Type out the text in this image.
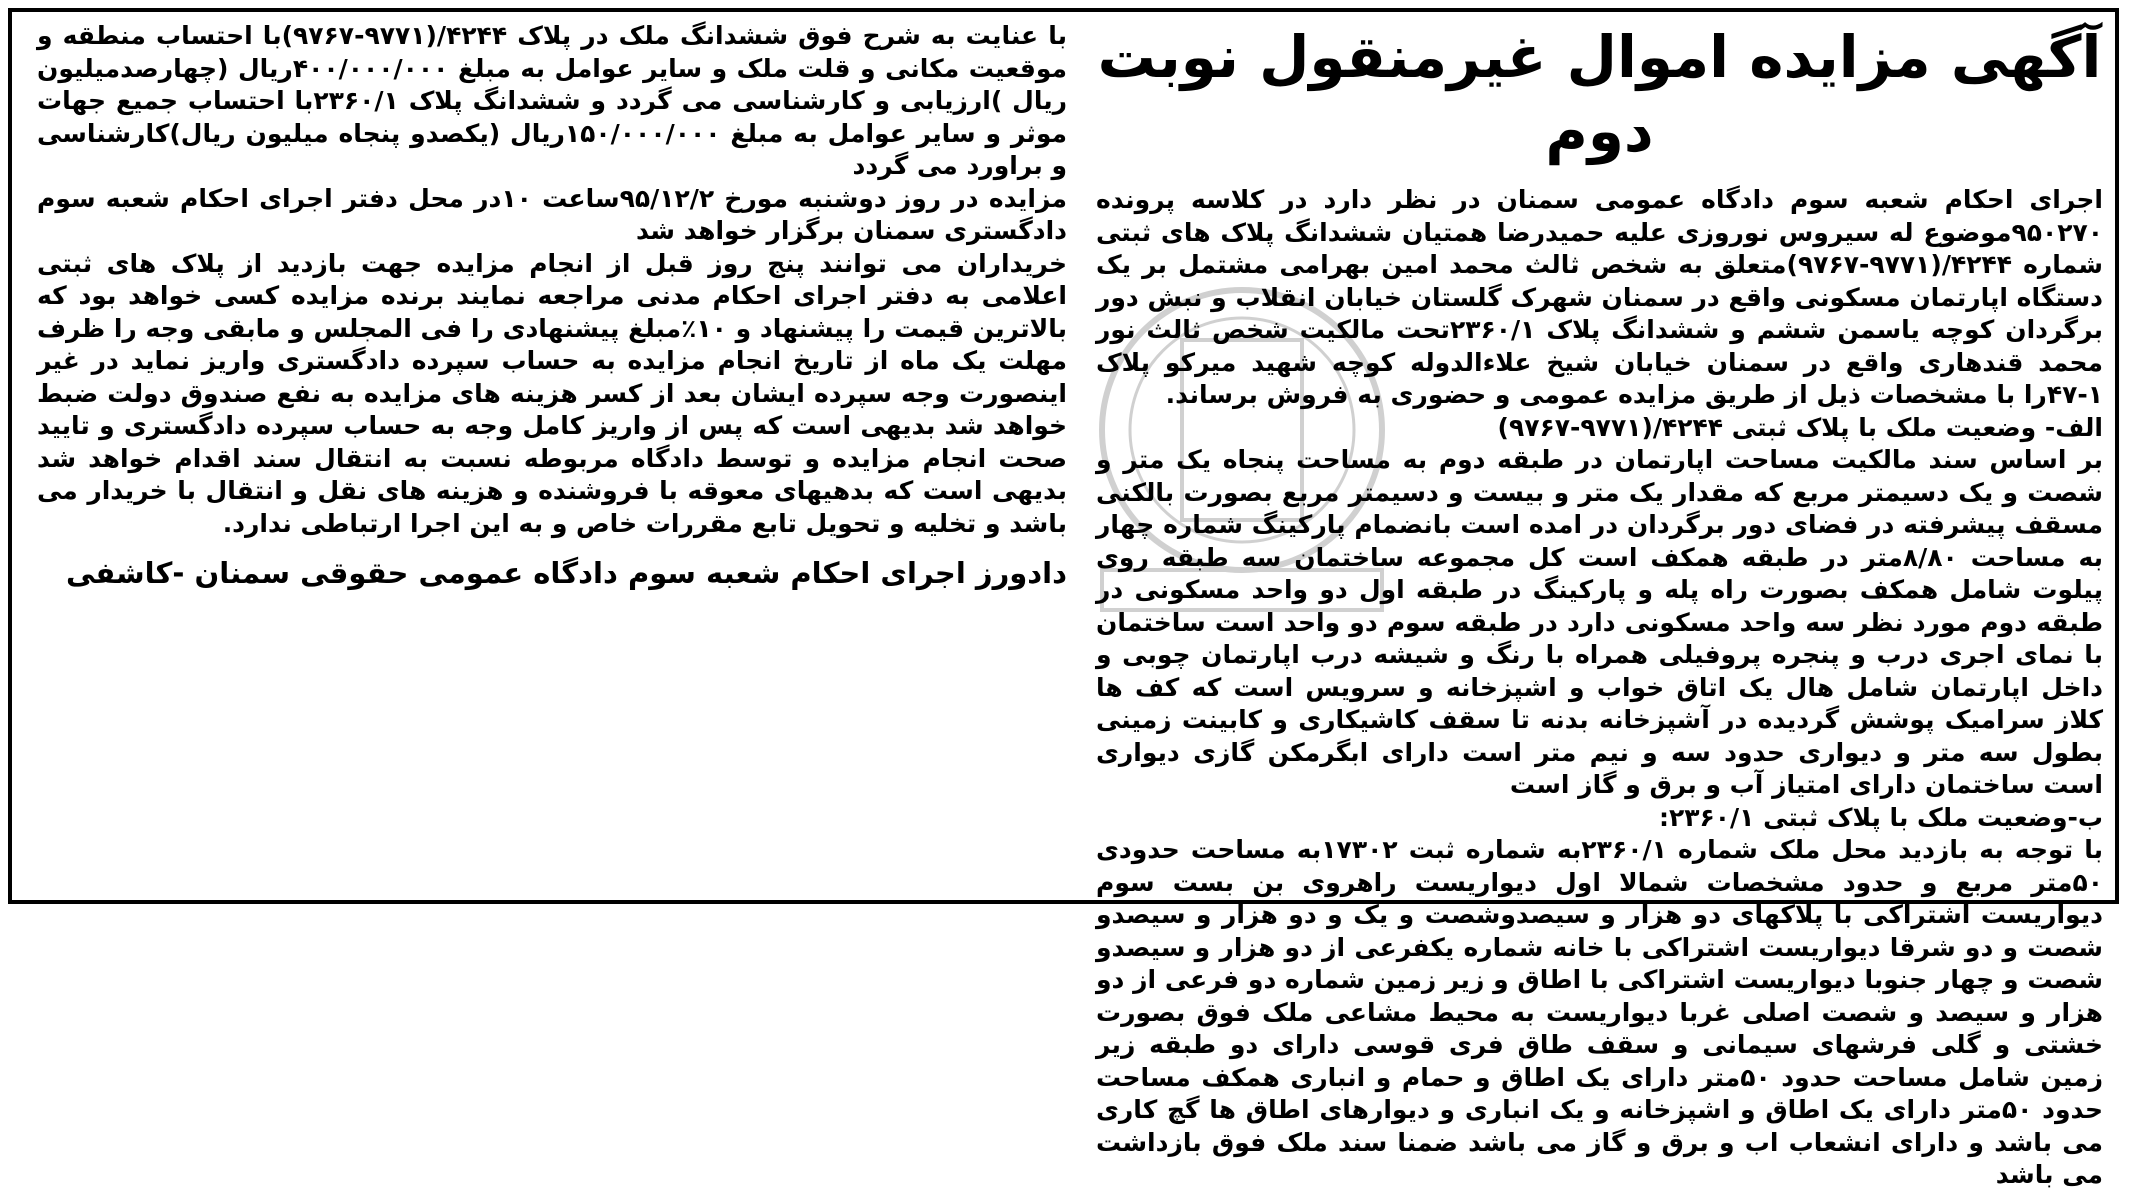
آگهی مزایده اموال غیرمنقول نوبت دوم

اجرای احکام شعبه سوم دادگاه عمومی سمنان در نظر دارد در کلاسه پرونده ۹۵۰۲۷۰موضوع له سیروس نوروزی علیه حمیدرضا همتیان ششدانگ پلاک های ثبتی شماره ۴۲۴۴/(۹۷۷۱-۹۷۶۷)متعلق به شخص ثالث محمد امین بهرامی مشتمل بر یک دستگاه اپارتمان مسکونی واقع در سمنان شهرک گلستان خیابان انقلاب و نبش دور برگردان کوچه یاسمن ششم و ششدانگ پلاک ۲۳۶۰/۱تحت مالکیت شخص ثالث نور محمد قندهاری واقع در سمنان خیابان شیخ علاءالدوله کوچه شهید میرکو پلاک ۱-۴۷را با مشخصات ذیل از طریق مزایده عمومی و حضوری به فروش برساند.

الف- وضعیت ملک با پلاک ثبتی ۴۲۴۴/(۹۷۷۱-۹۷۶۷)

بر اساس سند مالکیت مساحت اپارتمان در طبقه دوم به مساحت پنجاه یک متر و شصت و یک دسیمتر مربع که مقدار یک متر و بیست و دسیمتر مربع بصورت بالکنی مسقف پیشرفته در فضای دور برگردان در امده است بانضمام پارکینگ شماره چهار به مساحت ۸/۸۰متر در طبقه همکف است کل مجموعه ساختمان سه طبقه روی پیلوت شامل همکف بصورت راه پله و پارکینگ در طبقه اول دو واحد مسکونی در طبقه دوم مورد نظر سه واحد مسکونی دارد در طبقه سوم دو واحد است ساختمان با نمای اجری درب و پنجره پروفیلی همراه با رنگ و شیشه درب اپارتمان چوبی و داخل اپارتمان شامل هال یک اتاق خواب و اشپزخانه و سرویس است که کف ها کلاز سرامیک پوشش گردیده در آشپزخانه بدنه تا سقف کاشیکاری و کابینت زمینی بطول سه متر و دیواری حدود سه و نیم متر است دارای ابگرمکن گازی دیواری است ساختمان دارای امتیاز آب و برق و گاز است

ب-وضعیت ملک با پلاک ثبتی ۲۳۶۰/۱:

با توجه به بازدید محل ملک شماره ۲۳۶۰/۱به شماره ثبت ۱۷۳۰۲به مساحت حدودی ۵۰متر مربع و حدود مشخصات شمالا اول دیواریست راهروی بن بست سوم دیواریست اشتراکی با پلاکهای دو هزار و سیصدوشصت و یک و دو هزار و سیصدو شصت و دو شرقا دیواریست اشتراکی با خانه شماره یکفرعی از دو هزار و سیصدو شصت و چهار جنوبا دیواریست اشتراکی با اطاق و زیر زمین شماره دو فرعی از دو هزار و سیصد و شصت اصلی غربا دیواریست به محیط مشاعی ملک فوق بصورت خشتی و گلی فرشهای سیمانی و سقف طاق فری قوسی دارای دو طبقه زیر زمین شامل مساحت حدود ۵۰متر دارای یک اطاق و حمام و انباری همکف مساحت حدود ۵۰متر دارای یک اطاق و اشپزخانه و یک انباری و دیوارهای اطاق ها گچ کاری می باشد و دارای انشعاب اب و برق و گاز می باشد ضمنا سند ملک فوق بازداشت می باشد

با عنایت به شرح فوق ششدانگ ملک در پلاک ۴۲۴۴/(۹۷۷۱-۹۷۶۷)با احتساب منطقه و موقعیت مکانی و قلت ملک و سایر عوامل به مبلغ ۴۰۰/۰۰۰/۰۰۰ریال (چهارصدمیلیون ریال )ارزیابی و کارشناسی می گردد و ششدانگ پلاک ۲۳۶۰/۱با احتساب جمیع جهات موثر و سایر عوامل به مبلغ ۱۵۰/۰۰۰/۰۰۰ریال (یکصدو پنجاه میلیون ریال)کارشناسی و براورد می گردد

مزایده در روز دوشنبه مورخ ۹۵/۱۲/۲ساعت ۱۰در محل دفتر اجرای احکام شعبه سوم دادگستری سمنان برگزار خواهد شد

خریداران می توانند پنج روز قبل از انجام مزایده جهت بازدید از پلاک های ثبتی اعلامی به دفتر اجرای احکام مدنی مراجعه نمایند برنده مزایده کسی خواهد بود که بالاترین قیمت را پیشنهاد و ۱۰٪مبلغ پیشنهادی را فی المجلس و مابقی وجه را ظرف مهلت یک ماه از تاریخ انجام مزایده به حساب سپرده دادگستری واریز نماید در غیر اینصورت وجه سپرده ایشان بعد از کسر هزینه های مزایده به نفع صندوق دولت ضبط خواهد شد بدیهی است که پس از واریز کامل وجه به حساب سپرده دادگستری و تایید صحت انجام مزایده و توسط دادگاه مربوطه نسبت به انتقال سند اقدام خواهد شد بدیهی است که بدهیهای معوقه با فروشنده و هزینه های نقل و انتقال با خریدار می باشد و تخلیه و تحویل تابع مقررات خاص و به این اجرا ارتباطی ندارد.

دادورز اجرای احکام شعبه سوم دادگاه عمومی حقوقی سمنان -کاشفی
